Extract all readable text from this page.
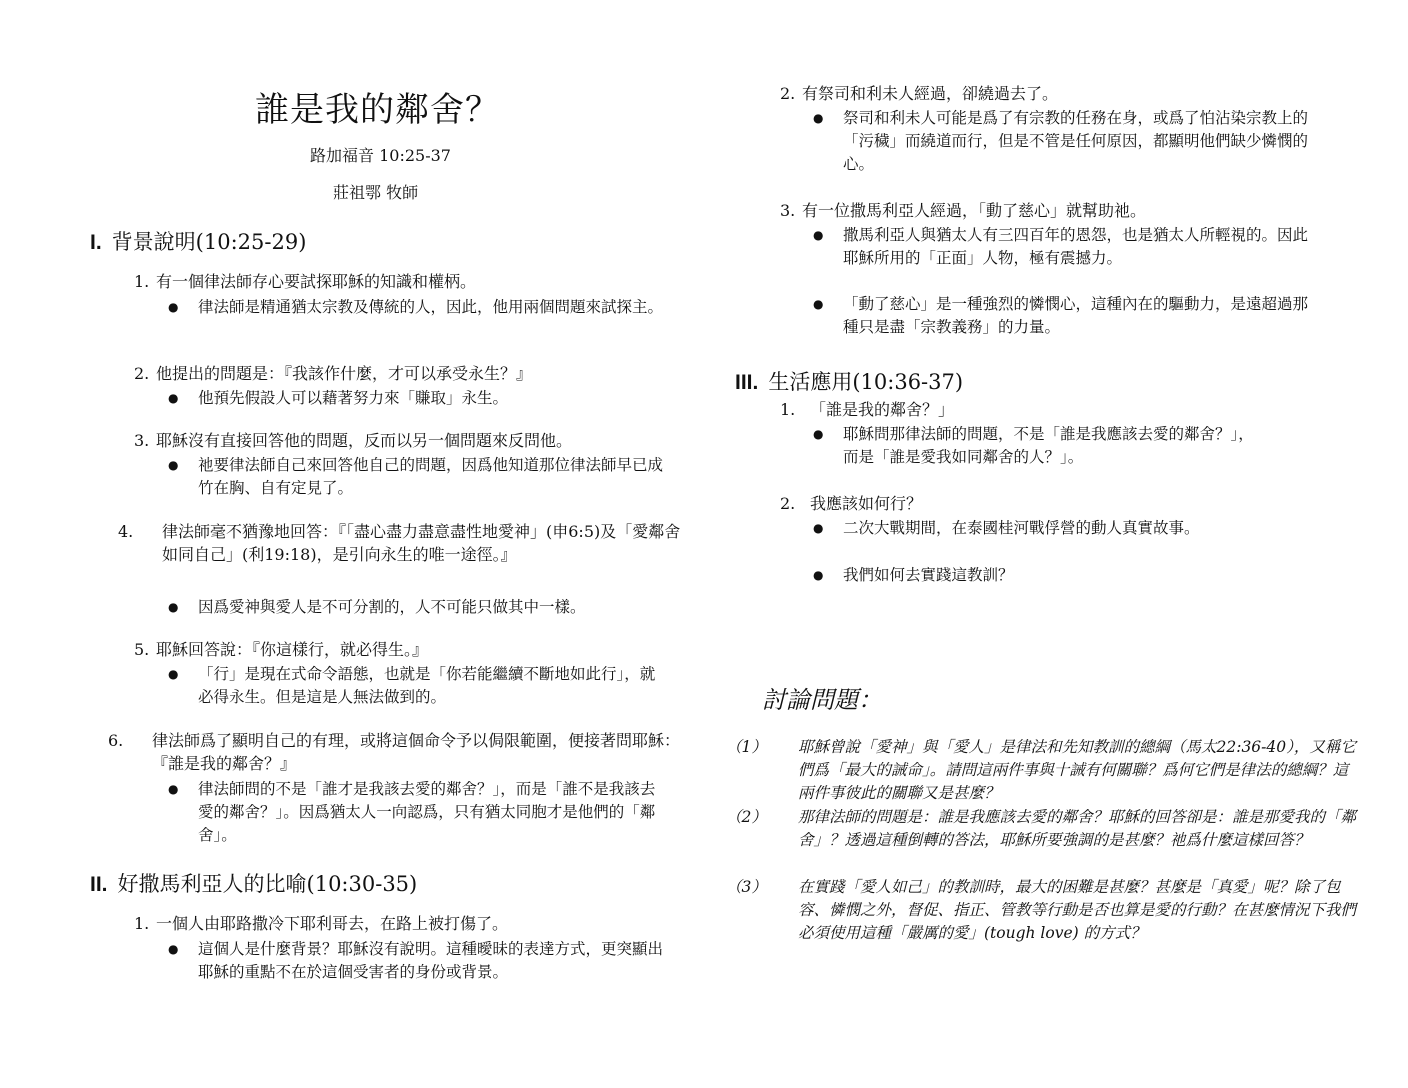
誰是我的鄰舍？
路加福音 10:25-37
莊祖鄂 牧師
I. 背景說明(10:25-29)
1. 有一個律法師存心要試探耶穌的知識和權柄。
● 律法師是精通猶太宗教及傳統的人，因此，他用兩個問題來試探主。
2. 他提出的問題是：『我該作什麼，才可以承受永生？』
● 他預先假設人可以藉著努力來「賺取」永生。
3. 耶穌沒有直接回答他的問題，反而以另一個問題來反問他。
● 祂要律法師自己來回答他自己的問題，因爲他知道那位律法師早已成竹在胸、自有定見了。
4. 律法師毫不猶豫地回答：『「盡心盡力盡意盡性地愛神」(申6:5)及「愛鄰舍如同自己」(利19:18)，是引向永生的唯一途徑。』
● 因爲愛神與愛人是不可分割的，人不可能只做其中一樣。
5. 耶穌回答說：『你這樣行，就必得生。』
● 「行」是現在式命令語態，也就是「你若能繼續不斷地如此行」，就必得永生。但是這是人無法做到的。
6. 律法師爲了顯明自己的有理，或將這個命令予以侷限範圍，便接著問耶穌：『誰是我的鄰舍？』
● 律法師問的不是「誰才是我該去愛的鄰舍？」，而是「誰不是我該去愛的鄰舍？」。因爲猶太人一向認爲，只有猶太同胞才是他們的「鄰舍」。
II. 好撒馬利亞人的比喻(10:30-35)
1. 一個人由耶路撒冷下耶利哥去，在路上被打傷了。
● 這個人是什麼背景？耶穌沒有說明。這種曖昧的表達方式，更突顯出耶穌的重點不在於這個受害者的身份或背景。
2. 有祭司和利未人經過，卻繞過去了。
● 祭司和利未人可能是爲了有宗教的任務在身，或爲了怕沾染宗教上的「污穢」而繞道而行，但是不管是任何原因，都顯明他們缺少憐憫的心。
3. 有一位撒馬利亞人經過，「動了慈心」就幫助祂。
● 撒馬利亞人與猶太人有三四百年的恩怨，也是猶太人所輕視的。因此耶穌所用的「正面」人物，極有震撼力。
● 「動了慈心」是一種強烈的憐憫心，這種內在的驅動力，是遠超過那種只是盡「宗教義務」的力量。
III. 生活應用(10:36-37)
1. 「誰是我的鄰舍？」
● 耶穌問那律法師的問題，不是「誰是我應該去愛的鄰舍？」，而是「誰是愛我如同鄰舍的人？」。
2. 我應該如何行？
● 二次大戰期間，在泰國桂河戰俘營的動人真實故事。
● 我們如何去實踐這教訓？
討論問題：
（1） 耶穌曾說「愛神」與「愛人」是律法和先知教訓的總綱（馬太22:36-40），又稱它們爲「最大的誡命」。請問這兩件事與十誡有何關聯？爲何它們是律法的總綱？這兩件事彼此的關聯又是甚麼？
（2） 那律法師的問題是：誰是我應該去愛的鄰舍？耶穌的回答卻是：誰是那愛我的「鄰舍」？透過這種倒轉的答法，耶穌所要強調的是甚麼？祂爲什麼這樣回答？
（3） 在實踐「愛人如己」的教訓時，最大的困難是甚麼？甚麼是「真愛」呢？除了包容、憐憫之外，督促、指正、管教等行動是否也算是愛的行動？在甚麼情況下我們必須使用這種「嚴厲的愛」(tough love) 的方式？
